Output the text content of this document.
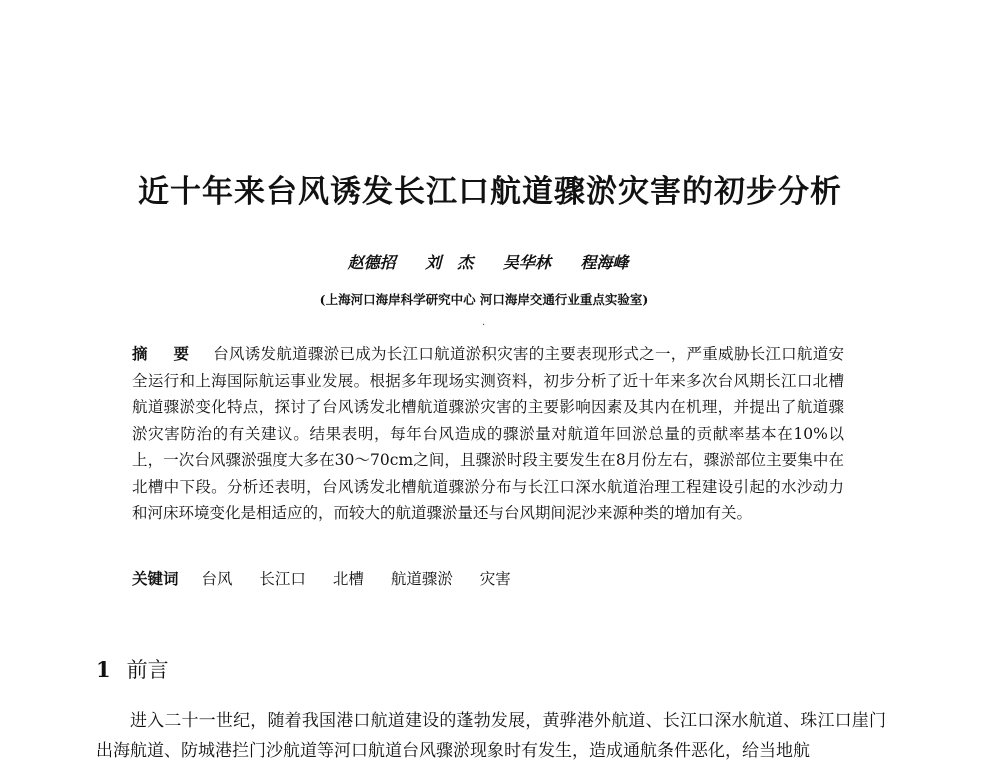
近十年来台风诱发长江口航道骤淤灾害的初步分析
赵德招 刘　杰 吴华林 程海峰
(上海河口海岸科学研究中心 河口海岸交通行业重点实验室)
·
摘 要 台风诱发航道骤淤已成为长江口航道淤积灾害的主要表现形式之一，严重威胁长江口航道安全运行和上海国际航运事业发展。根据多年现场实测资料，初步分析了近十年来多次台风期长江口北槽航道骤淤变化特点，探讨了台风诱发北槽航道骤淤灾害的主要影响因素及其内在机理，并提出了航道骤淤灾害防治的有关建议。结果表明，每年台风造成的骤淤量对航道年回淤总量的贡献率基本在10%以上，一次台风骤淤强度大多在30～70cm之间，且骤淤时段主要发生在8月份左右，骤淤部位主要集中在北槽中下段。分析还表明，台风诱发北槽航道骤淤分布与长江口深水航道治理工程建设引起的水沙动力和河床环境变化是相适应的，而较大的航道骤淤量还与台风期间泥沙来源种类的增加有关。
关键词 台风 长江口 北槽 航道骤淤 灾害
1 前言
进入二十一世纪，随着我国港口航道建设的蓬勃发展，黄骅港外航道、长江口深水航道、珠江口崖门出海航道、防城港拦门沙航道等河口航道台风骤淤现象时有发生，造成通航条件恶化，给当地航
